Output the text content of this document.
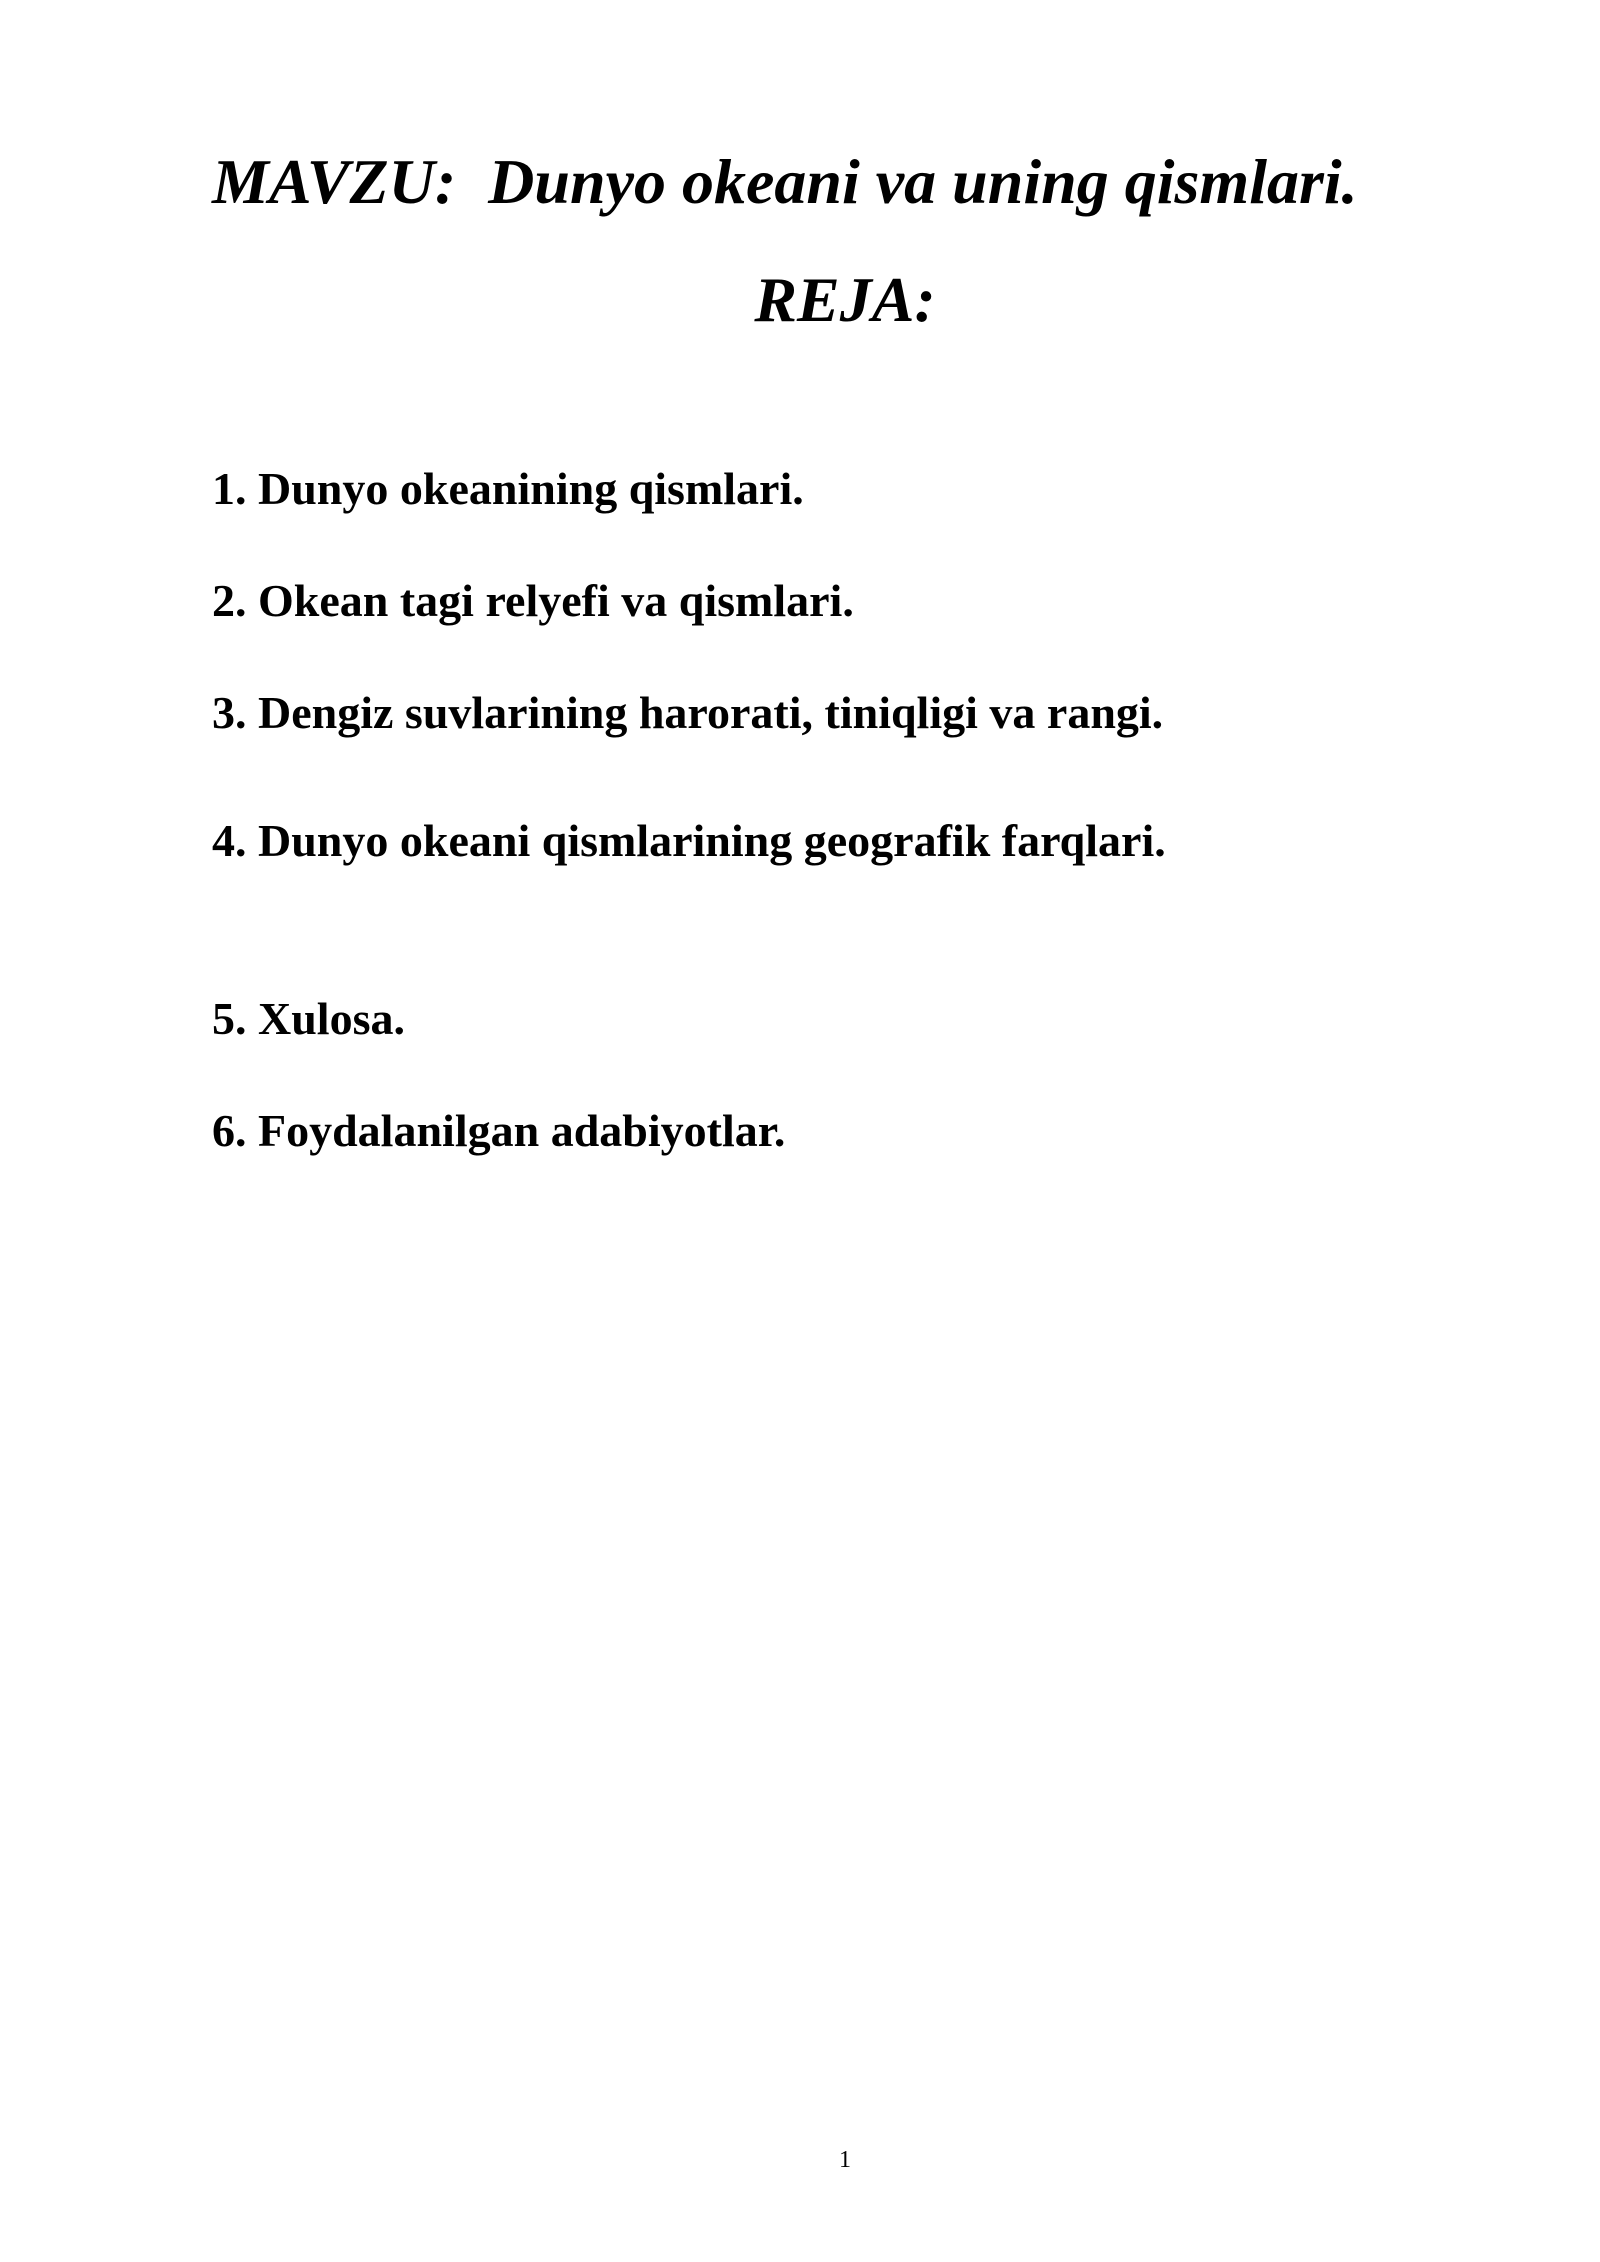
MAVZU:  Dunyo okeani va uning qismlari.
REJA:
1. Dunyo okeanining qismlari.
2. Okean tagi relyefi va qismlari.
3. Dengiz suvlarining harorati, tiniqligi va rangi.
4. Dunyo okeani qismlarining geografik farqlari.
5. Xulosa.
6. Foydalanilgan adabiyotlar.
1
